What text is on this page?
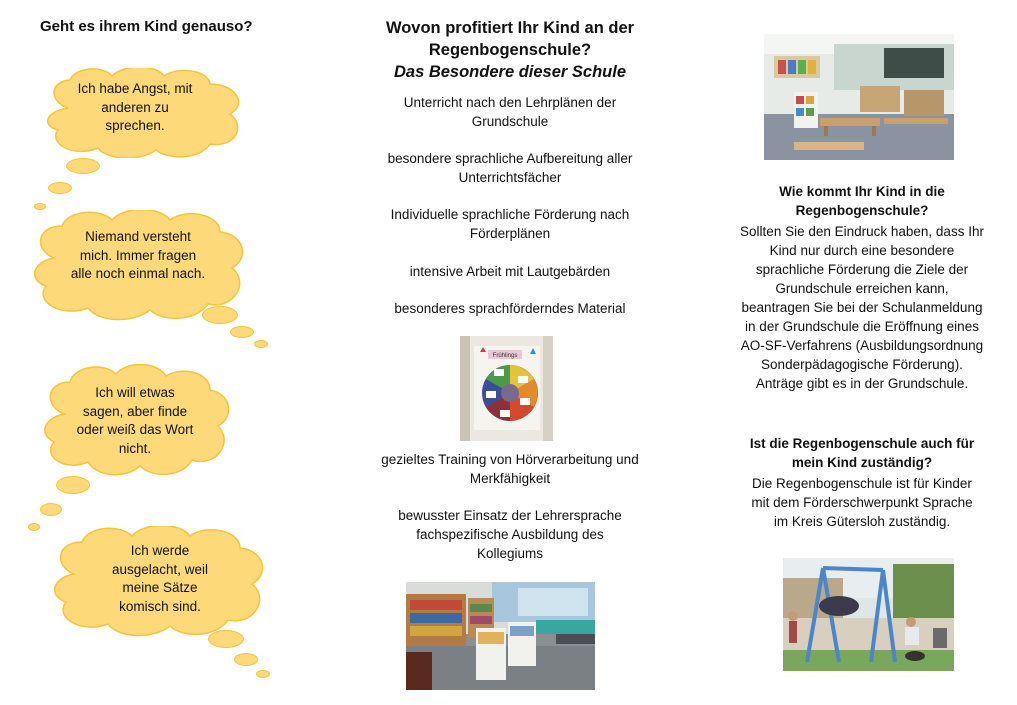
Geht es ihrem Kind genauso?
Ich habe Angst, mit anderen zu sprechen.
Niemand versteht mich. Immer fragen alle noch einmal nach.
Ich will etwas sagen, aber finde oder weiß das Wort nicht.
Ich werde ausgelacht, weil meine Sätze komisch sind.
Wovon profitiert Ihr Kind an der Regenbogenschule?
Das Besondere dieser Schule
Unterricht nach den Lehrplänen der Grundschule
besondere sprachliche Aufbereitung aller Unterrichtsfächer
Individuelle sprachliche Förderung nach Förderplänen
intensive Arbeit mit Lautgebärden
besonderes sprachförderndes Material
Frühlings
gezieltes Training von Hörverarbeitung und Merkfähigkeit
bewusster Einsatz der Lehrersprache fachspezifische Ausbildung des Kollegiums
Wie kommt Ihr Kind in die Regenbogenschule?
Sollten Sie den Eindruck haben, dass Ihr Kind nur durch eine besondere sprachliche Förderung die Ziele der Grundschule erreichen kann, beantragen Sie bei der Schulanmeldung in der Grundschule die Eröffnung eines AO-SF-Verfahrens (Ausbildungsordnung Sonderpädagogische Förderung). Anträge gibt es in der Grundschule.
Ist die Regenbogenschule auch für mein Kind zuständig?
Die Regenbogenschule ist für Kinder mit dem Förderschwerpunkt Sprache im Kreis Gütersloh zuständig.
